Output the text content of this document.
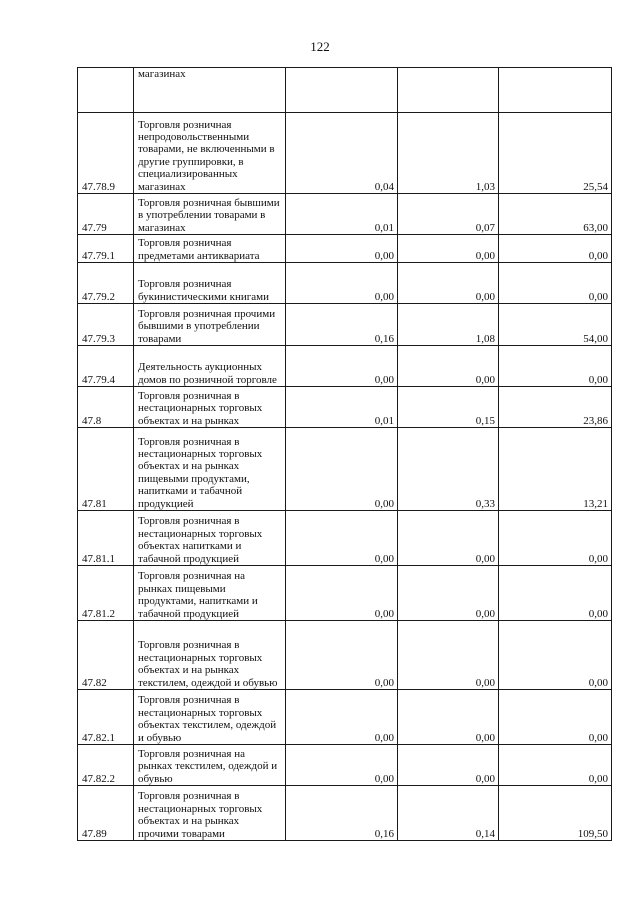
122
	магазинах			
47.78.9	Торговля розничная непродовольственными товарами, не включенными в другие группировки, в специализированных магазинах	0,04	1,03	25,54
47.79	Торговля розничная бывшими в употреблении товарами в магазинах	0,01	0,07	63,00
47.79.1	Торговля розничная предметами антиквариата	0,00	0,00	0,00
47.79.2	Торговля розничная букинистическими книгами	0,00	0,00	0,00
47.79.3	Торговля розничная прочими бывшими в употреблении товарами	0,16	1,08	54,00
47.79.4	Деятельность аукционных домов по розничной торговле	0,00	0,00	0,00
47.8	Торговля розничная в нестационарных торговых объектах и на рынках	0,01	0,15	23,86
47.81	Торговля розничная в нестационарных торговых объектах и на рынках пищевыми продуктами, напитками и табачной продукцией	0,00	0,33	13,21
47.81.1	Торговля розничная в нестационарных торговых объектах напитками и табачной продукцией	0,00	0,00	0,00
47.81.2	Торговля розничная на рынках пищевыми продуктами, напитками и табачной продукцией	0,00	0,00	0,00
47.82	Торговля розничная в нестационарных торговых объектах и на рынках текстилем, одеждой и обувью	0,00	0,00	0,00
47.82.1	Торговля розничная в нестационарных торговых объектах текстилем, одеждой и обувью	0,00	0,00	0,00
47.82.2	Торговля розничная на рынках текстилем, одеждой и обувью	0,00	0,00	0,00
47.89	Торговля розничная в нестационарных торговых объектах и на рынках прочими товарами	0,16	0,14	109,50
